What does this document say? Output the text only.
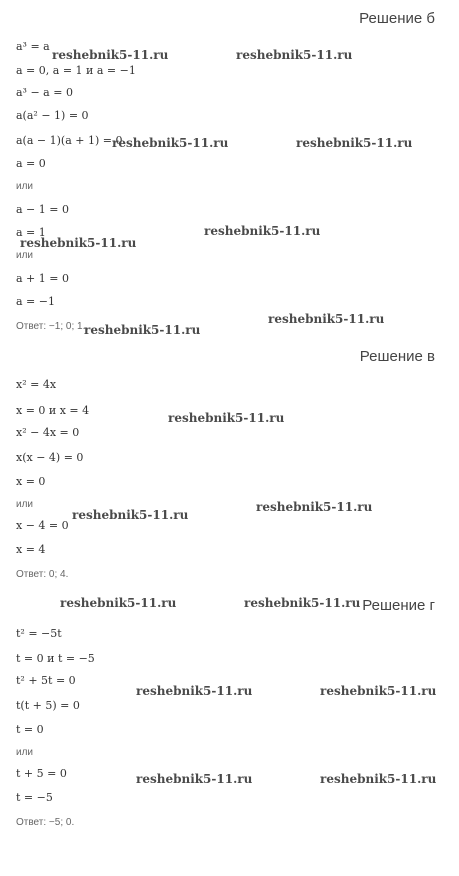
Решение б
a³ = a
a = 0, a = 1 и a = −1
a³ − a = 0
a(a² − 1) = 0
a(a − 1)(a + 1) = 0
a = 0
или
a − 1 = 0
a = 1
или
a + 1 = 0
a = −1
Ответ: −1; 0; 1.
Решение в
x² = 4x
x = 0 и x = 4
x² − 4x = 0
x(x − 4) = 0
x = 0
или
x − 4 = 0
x = 4
Ответ: 0; 4.
Решение г
t² = −5t
t = 0 и t = −5
t² + 5t = 0
t(t + 5) = 0
t = 0
или
t + 5 = 0
t = −5
Ответ: −5; 0.
reshebnik5-11.ru	reshebnik5-11.ru
reshebnik5-11.ru	reshebnik5-11.ru
reshebnik5-11.ru
reshebnik5-11.ru
reshebnik5-11.ru
reshebnik5-11.ru
reshebnik5-11.ru
reshebnik5-11.ru
reshebnik5-11.ru
reshebnik5-11.ru	reshebnik5-11.ru
reshebnik5-11.ru	reshebnik5-11.ru
reshebnik5-11.ru	reshebnik5-11.ru
